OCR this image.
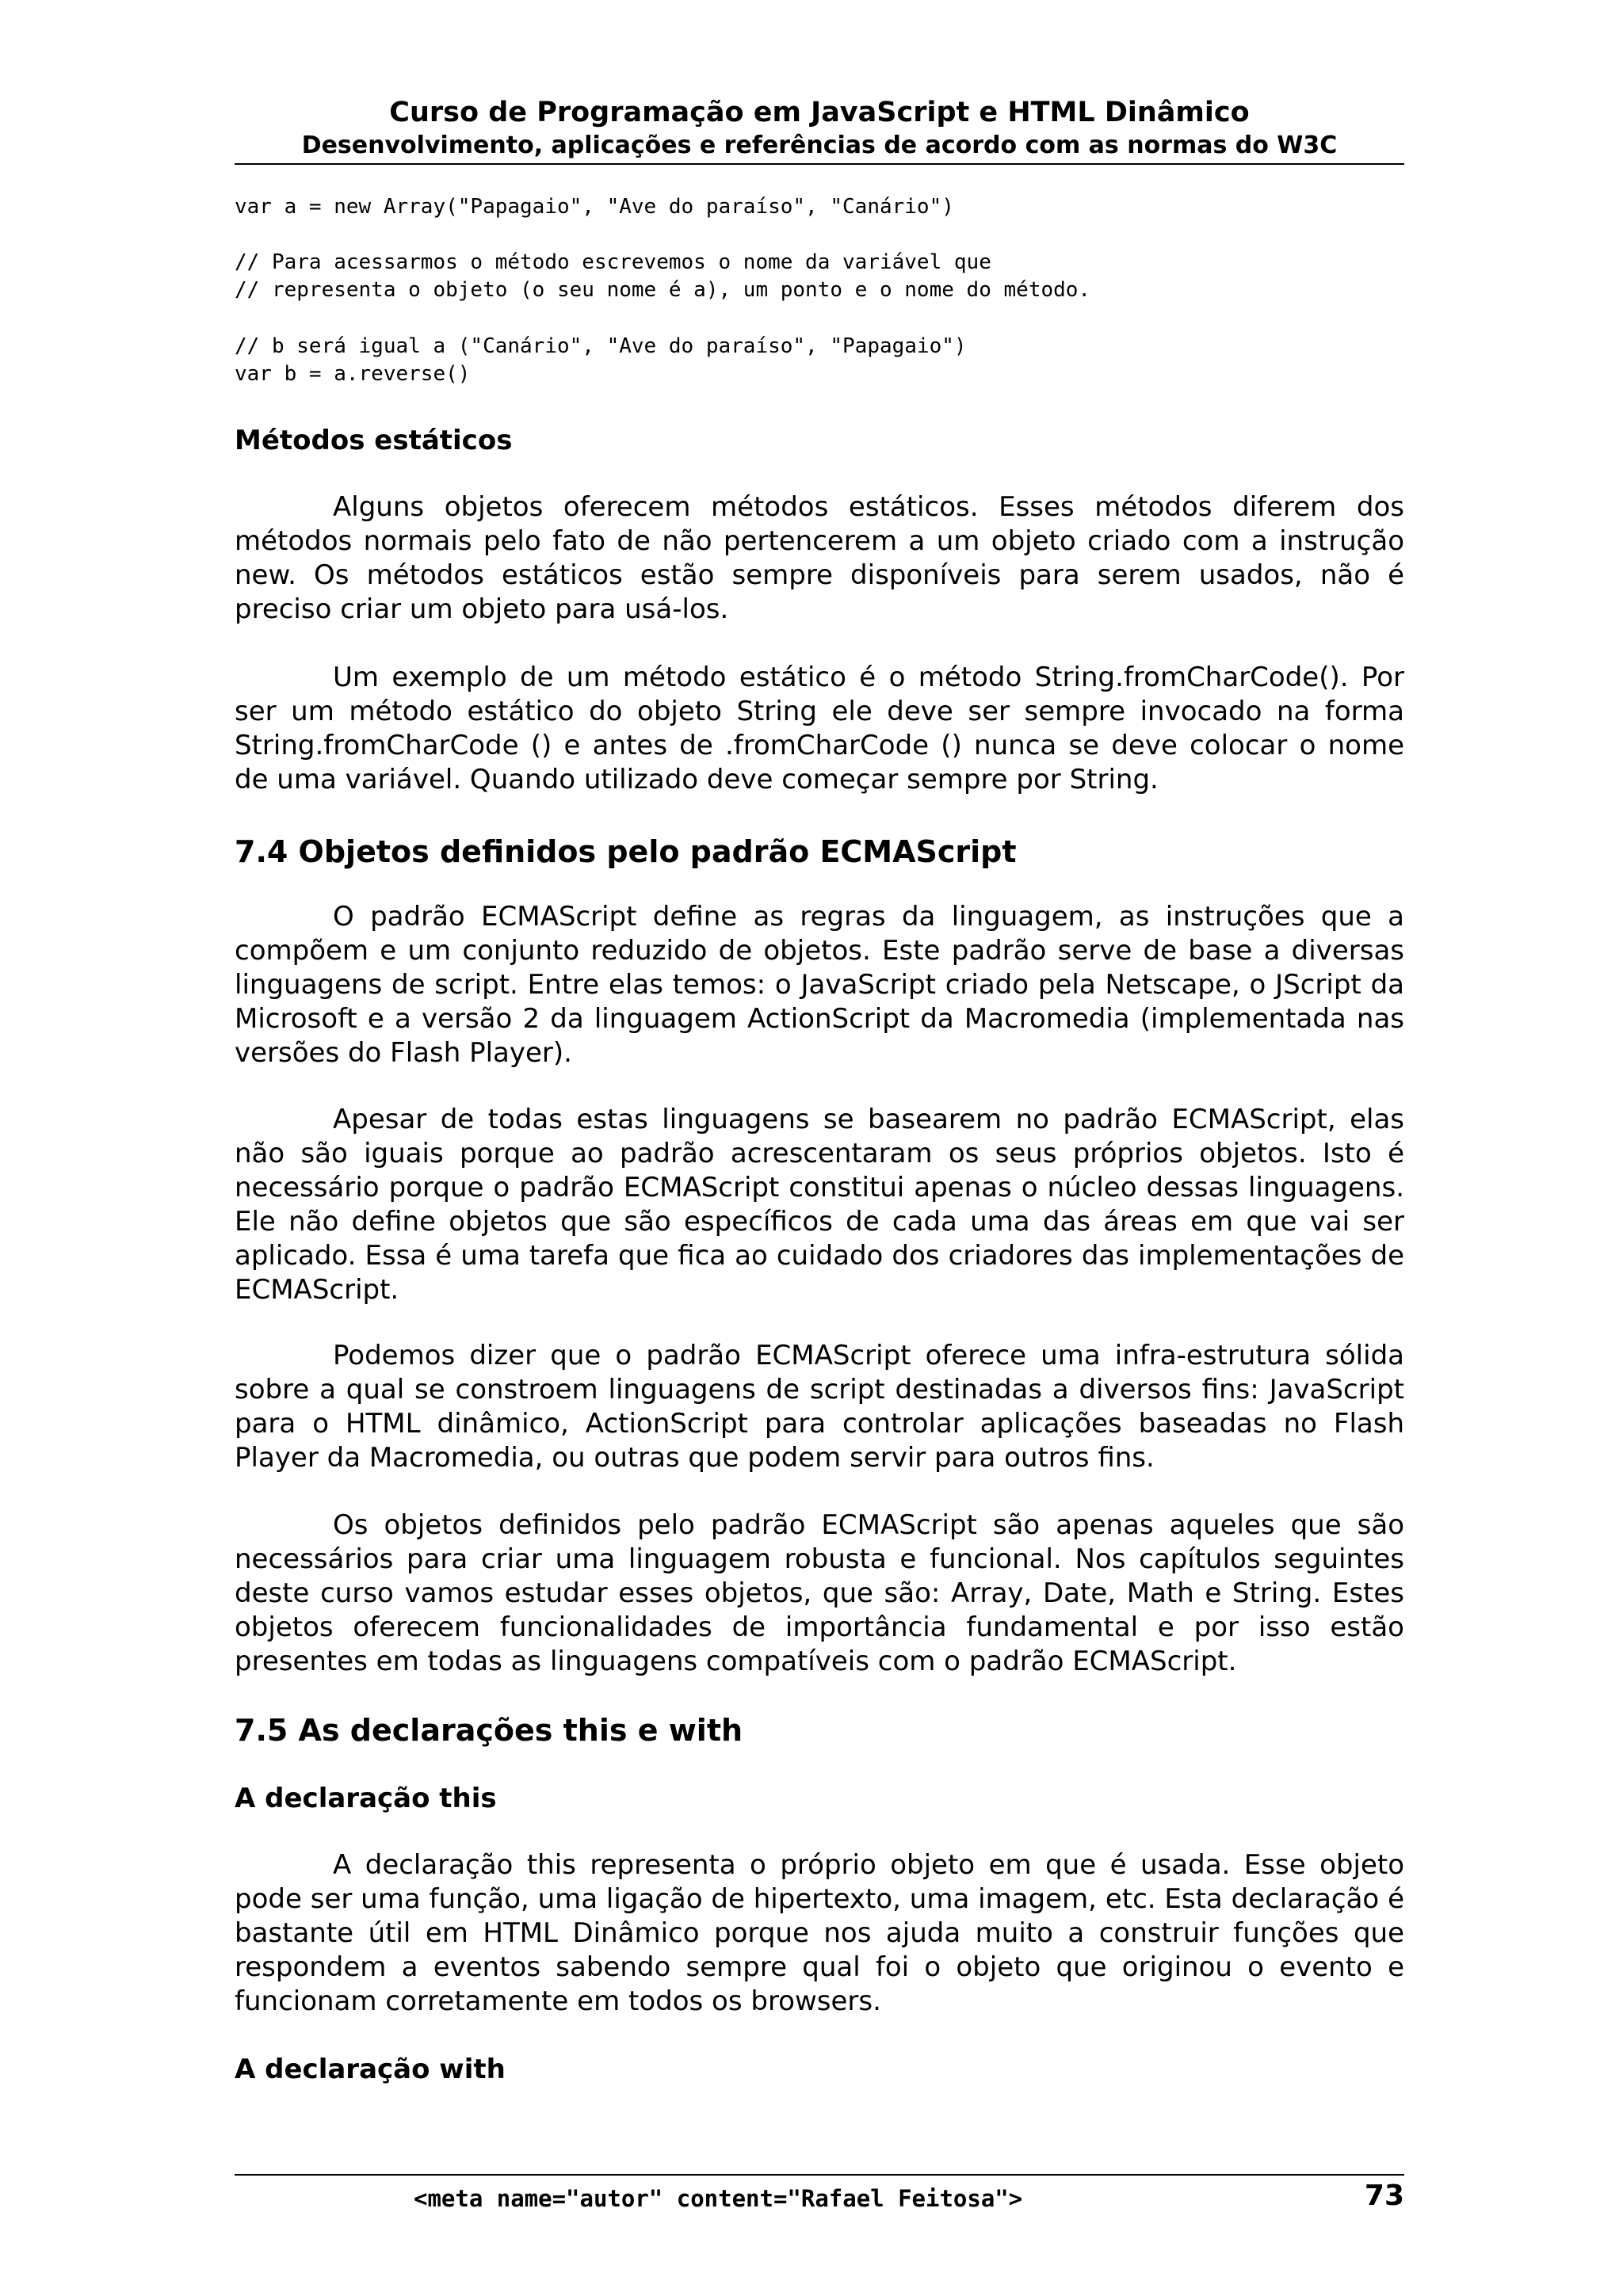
Curso de Programação em JavaScript e HTML Dinâmico
Desenvolvimento, aplicações e referências de acordo com as normas do W3C
var a = new Array("Papagaio", "Ave do paraíso", "Canário")
// Para acessarmos o método escrevemos o nome da variável que
// representa o objeto (o seu nome é a), um ponto e o nome do método.
// b será igual a ("Canário", "Ave do paraíso", "Papagaio")
var b = a.reverse()
Métodos estáticos

Alguns objetos oferecem métodos estáticos. Esses métodos diferem dos métodos normais pelo fato de não pertencerem a um objeto criado com a instrução new. Os métodos estáticos estão sempre disponíveis para serem usados, não é preciso criar um objeto para usá-los.

Um exemplo de um método estático é o método String.fromCharCode(). Por ser um método estático do objeto String ele deve ser sempre invocado na forma String.fromCharCode () e antes de .fromCharCode () nunca se deve colocar o nome de uma variável. Quando utilizado deve começar sempre por String.

7.4 Objetos definidos pelo padrão ECMAScript

O padrão ECMAScript define as regras da linguagem, as instruções que a compõem e um conjunto reduzido de objetos. Este padrão serve de base a diversas linguagens de script. Entre elas temos: o JavaScript criado pela Netscape, o JScript da Microsoft e a versão 2 da linguagem ActionScript da Macromedia (implementada nas versões do Flash Player).

Apesar de todas estas linguagens se basearem no padrão ECMAScript, elas não são iguais porque ao padrão acrescentaram os seus próprios objetos. Isto é necessário porque o padrão ECMAScript constitui apenas o núcleo dessas linguagens. Ele não define objetos que são específicos de cada uma das áreas em que vai ser aplicado. Essa é uma tarefa que fica ao cuidado dos criadores das implementações de ECMAScript.

Podemos dizer que o padrão ECMAScript oferece uma infra-estrutura sólida sobre a qual se constroem linguagens de script destinadas a diversos fins: JavaScript para o HTML dinâmico, ActionScript para controlar aplicações baseadas no Flash Player da Macromedia, ou outras que podem servir para outros fins.

Os objetos definidos pelo padrão ECMAScript são apenas aqueles que são necessários para criar uma linguagem robusta e funcional. Nos capítulos seguintes deste curso vamos estudar esses objetos, que são: Array, Date, Math e String. Estes objetos oferecem funcionalidades de importância fundamental e por isso estão presentes em todas as linguagens compatíveis com o padrão ECMAScript.

7.5 As declarações this e with
A declaração this

A declaração this representa o próprio objeto em que é usada. Esse objeto pode ser uma função, uma ligação de hipertexto, uma imagem, etc. Esta declaração é bastante útil em HTML Dinâmico porque nos ajuda muito a construir funções que respondem a eventos sabendo sempre qual foi o objeto que originou o evento e funcionam corretamente em todos os browsers.

A declaração with
<meta name="autor" content="Rafael Feitosa">	73
